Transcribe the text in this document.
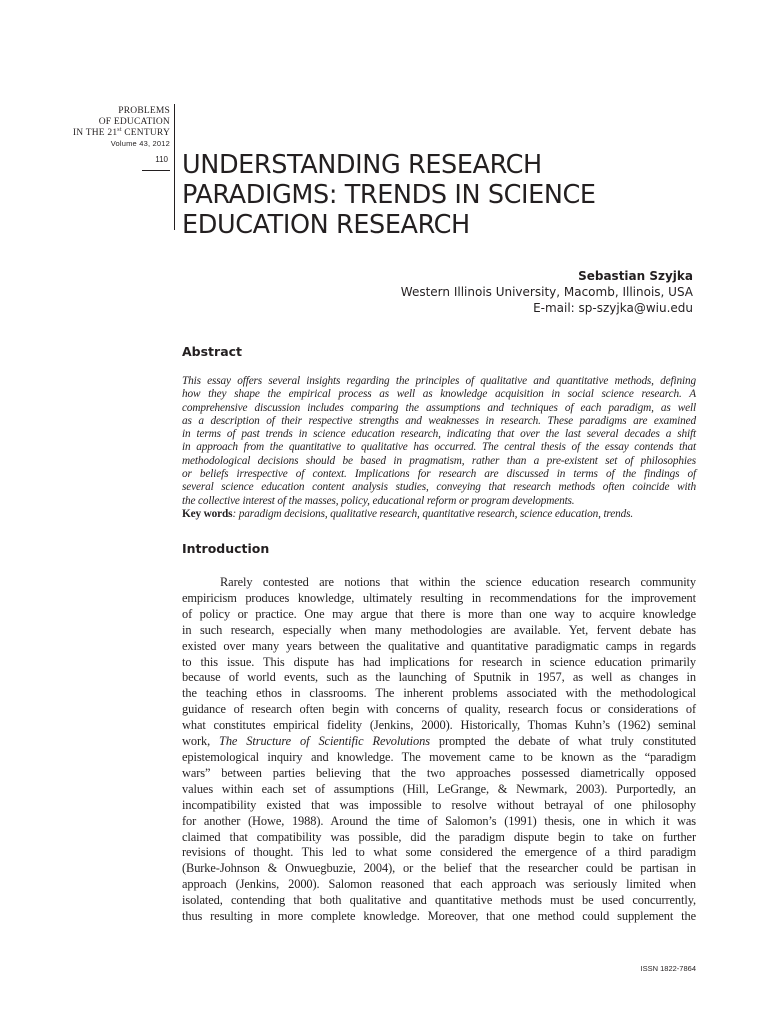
PROBLEMS
OF EDUCATION
IN THE 21st CENTURY
Volume 43, 2012
110 UNDERSTANDING RESEARCH
PARADIGMS: TRENDS IN SCIENCE
EDUCATION RESEARCH
Sebastian Szyjka
Western Illinois University, Macomb, Illinois, USA
E-mail: sp-szyjka@wiu.edu
Abstract
This essay offers several insights regarding the principles of qualitative and quantitative methods, defining
how they shape the empirical process as well as knowledge acquisition in social science research. A
comprehensive discussion includes comparing the assumptions and techniques of each paradigm, as well
as a description of their respective strengths and weaknesses in research. These paradigms are examined
in terms of past trends in science education research, indicating that over the last several decades a shift
in approach from the quantitative to qualitative has occurred. The central thesis of the essay contends that
methodological decisions should be based in pragmatism, rather than a pre-existent set of philosophies
or beliefs irrespective of context. Implications for research are discussed in terms of the findings of
several science education content analysis studies, conveying that research methods often coincide with
the collective interest of the masses, policy, educational reform or program developments.
Key words: paradigm decisions, qualitative research, quantitative research, science education, trends.
Introduction
Rarely contested are notions that within the science education research community
empiricism produces knowledge, ultimately resulting in recommendations for the improvement
of policy or practice. One may argue that there is more than one way to acquire knowledge
in such research, especially when many methodologies are available. Yet, fervent debate has
existed over many years between the qualitative and quantitative paradigmatic camps in regards
to this issue. This dispute has had implications for research in science education primarily
because of world events, such as the launching of Sputnik in 1957, as well as changes in
the teaching ethos in classrooms. The inherent problems associated with the methodological
guidance of research often begin with concerns of quality, research focus or considerations of
what constitutes empirical fidelity (Jenkins, 2000). Historically, Thomas Kuhn’s (1962) seminal
work, The Structure of Scientific Revolutions prompted the debate of what truly constituted
epistemological inquiry and knowledge. The movement came to be known as the “paradigm
wars” between parties believing that the two approaches possessed diametrically opposed
values within each set of assumptions (Hill, LeGrange, & Newmark, 2003). Purportedly, an
incompatibility existed that was impossible to resolve without betrayal of one philosophy
for another (Howe, 1988). Around the time of Salomon’s (1991) thesis, one in which it was
claimed that compatibility was possible, did the paradigm dispute begin to take on further
revisions of thought. This led to what some considered the emergence of a third paradigm
(Burke-Johnson & Onwuegbuzie, 2004), or the belief that the researcher could be partisan in
approach (Jenkins, 2000). Salomon reasoned that each approach was seriously limited when
isolated, contending that both qualitative and quantitative methods must be used concurrently,
thus resulting in more complete knowledge. Moreover, that one method could supplement the
ISSN 1822-7864
